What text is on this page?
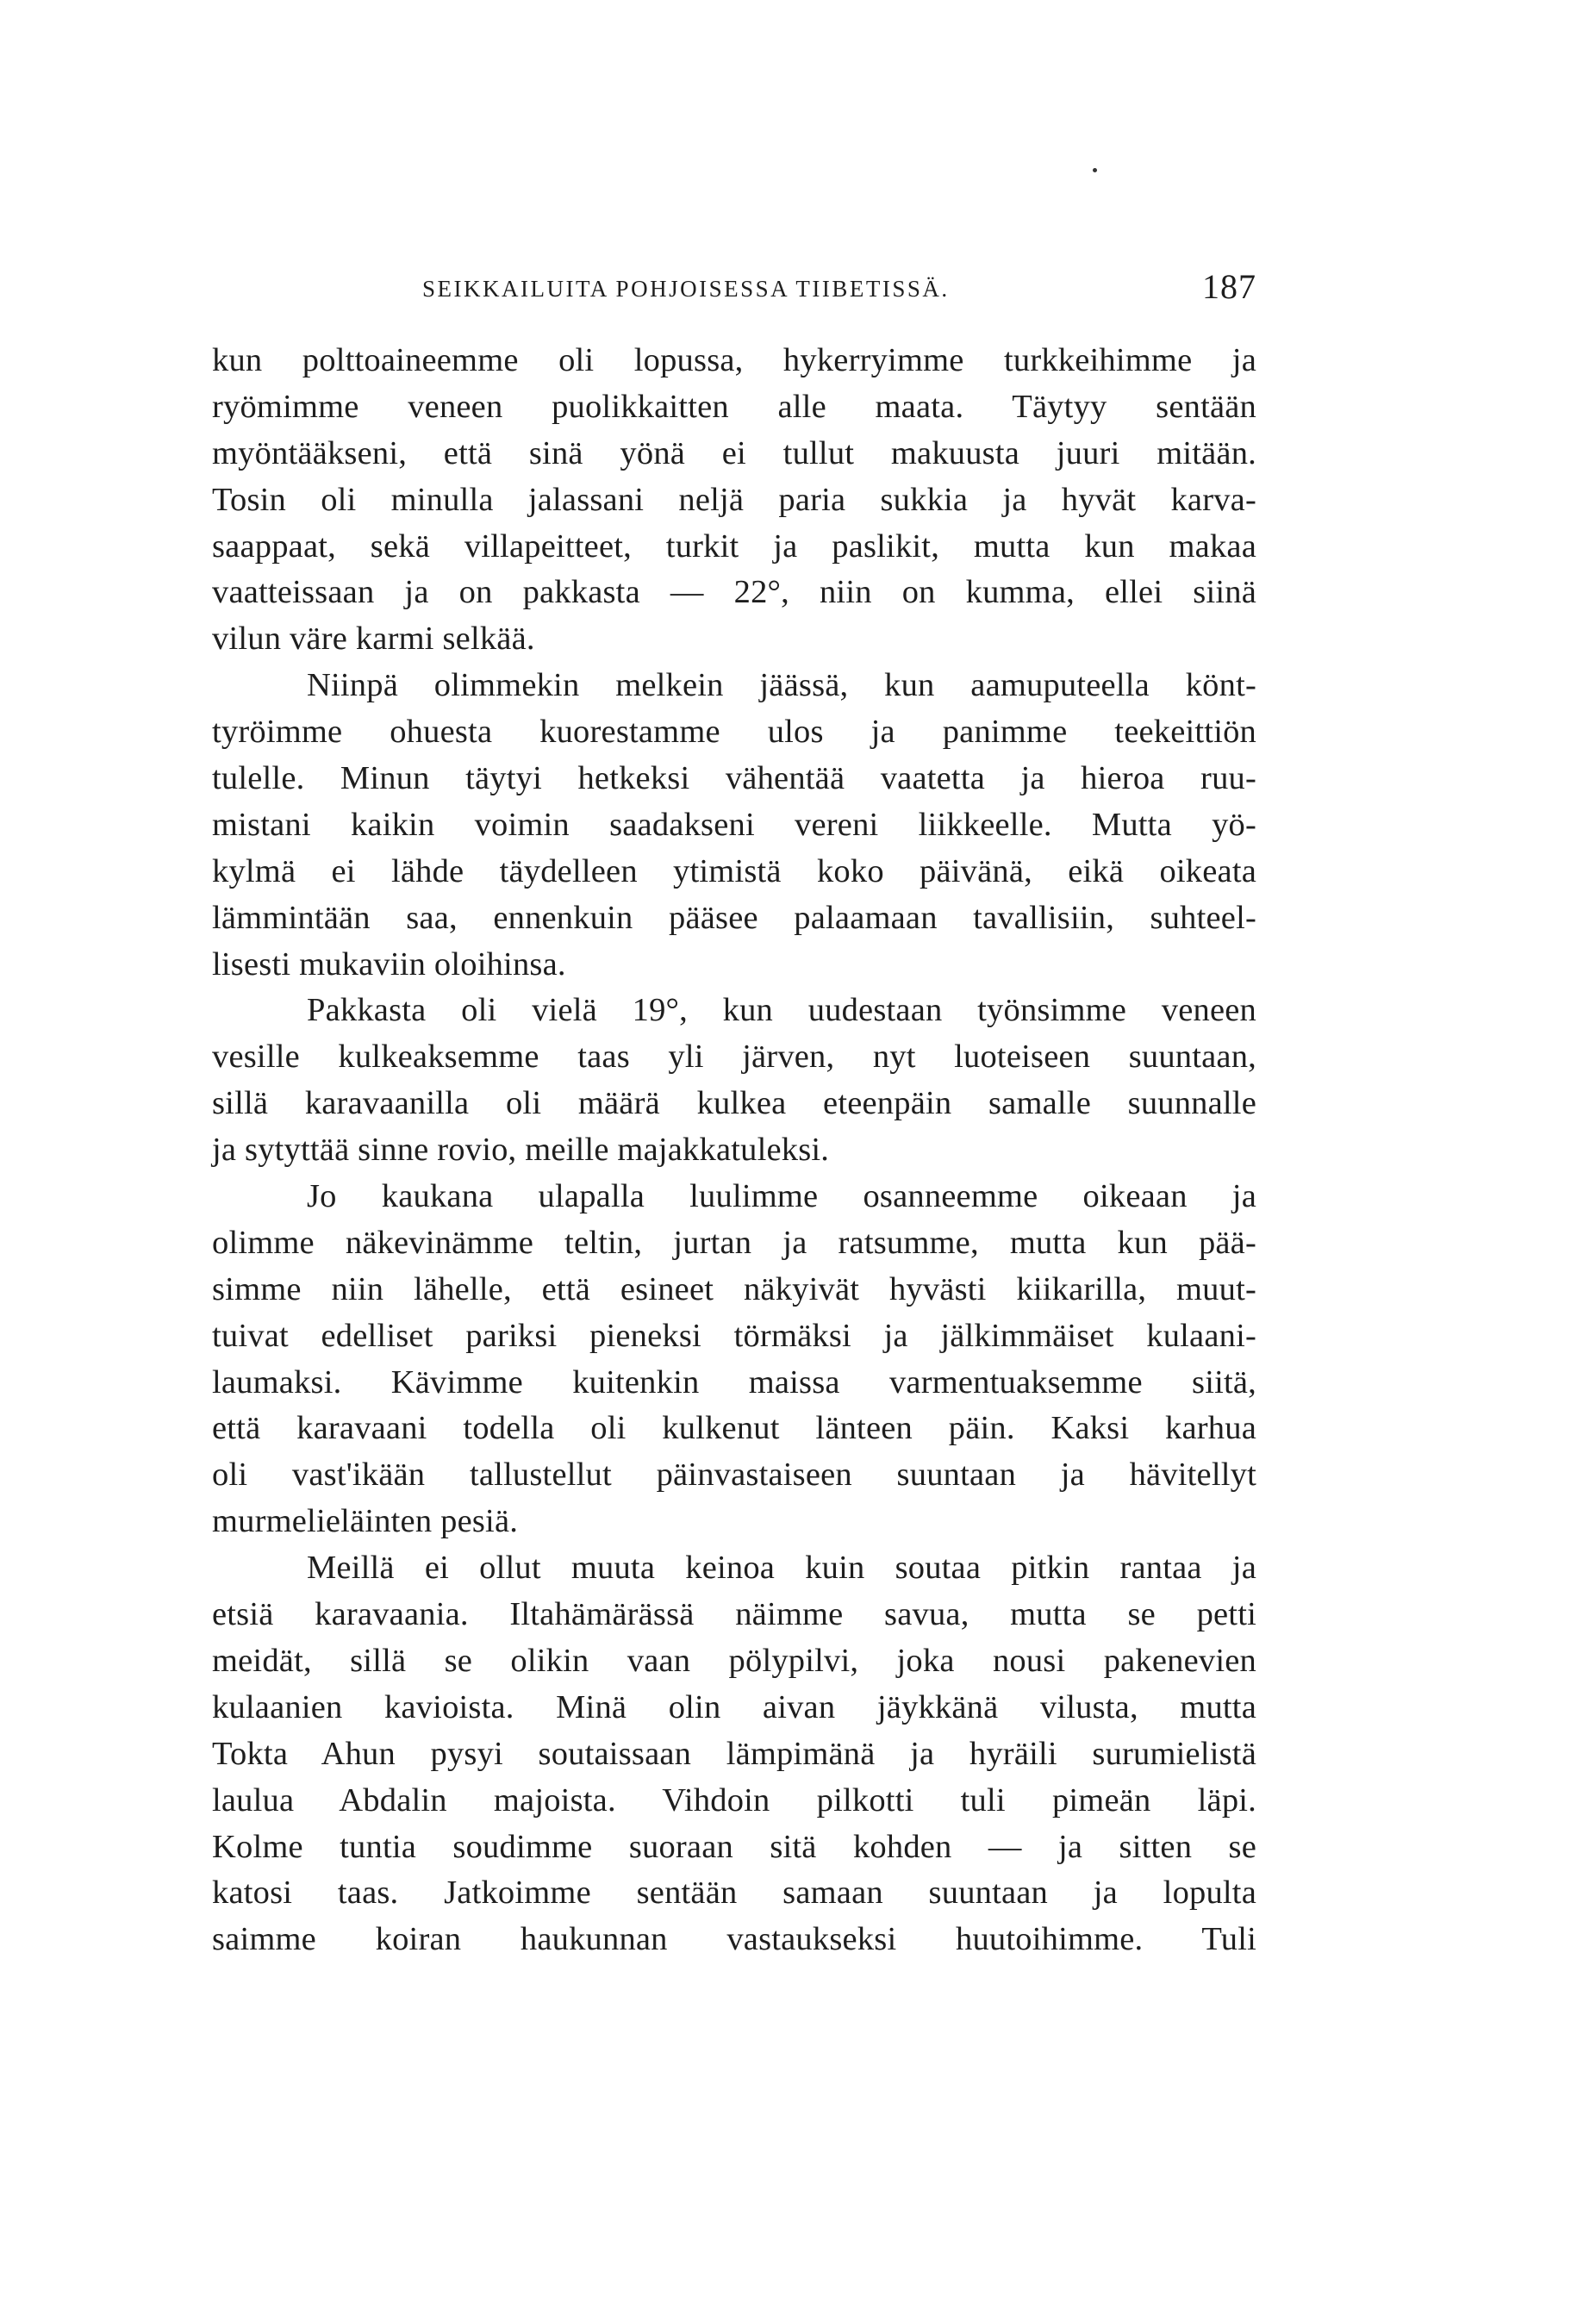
SEIKKAILUITA POHJOISESSA TIIBETISSÄ.	187
kun polttoaineemme oli lopussa, hykerryimme turkkeihimme ja
ryömimme veneen puolikkaitten alle maata. Täytyy sentään
myöntääkseni, että sinä yönä ei tullut makuusta juuri mitään.
Tosin oli minulla jalassani neljä paria sukkia ja hyvät karva-
saappaat, sekä villapeitteet, turkit ja paslikit, mutta kun makaa
vaatteissaan ja on pakkasta — 22°, niin on kumma, ellei siinä
vilun väre karmi selkää.
Niinpä olimmekin melkein jäässä, kun aamuputeella könt-
tyröimme ohuesta kuorestamme ulos ja panimme teekeittiön
tulelle. Minun täytyi hetkeksi vähentää vaatetta ja hieroa ruu-
mistani kaikin voimin saadakseni vereni liikkeelle. Mutta yö-
kylmä ei lähde täydelleen ytimistä koko päivänä, eikä oikeata
lämmintään saa, ennenkuin pääsee palaamaan tavallisiin, suhteel-
lisesti mukaviin oloihinsa.
Pakkasta oli vielä 19°, kun uudestaan työnsimme veneen
vesille kulkeaksemme taas yli järven, nyt luoteiseen suuntaan,
sillä karavaanilla oli määrä kulkea eteenpäin samalle suunnalle
ja sytyttää sinne rovio, meille majakkatuleksi.
Jo kaukana ulapalla luulimme osanneemme oikeaan ja
olimme näkevinämme teltin, jurtan ja ratsumme, mutta kun pää-
simme niin lähelle, että esineet näkyivät hyvästi kiikarilla, muut-
tuivat edelliset pariksi pieneksi törmäksi ja jälkimmäiset kulaani-
laumaksi. Kävimme kuitenkin maissa varmentuaksemme siitä,
että karavaani todella oli kulkenut länteen päin. Kaksi karhua
oli vast'ikään tallustellut päinvastaiseen suuntaan ja hävitellyt
murmelieläinten pesiä.
Meillä ei ollut muuta keinoa kuin soutaa pitkin rantaa ja
etsiä karavaania. Iltahämärässä näimme savua, mutta se petti
meidät, sillä se olikin vaan pölypilvi, joka nousi pakenevien
kulaanien kavioista. Minä olin aivan jäykkänä vilusta, mutta
Tokta Ahun pysyi soutaissaan lämpimänä ja hyräili surumielistä
laulua Abdalin majoista. Vihdoin pilkotti tuli pimeän läpi.
Kolme tuntia soudimme suoraan sitä kohden — ja sitten se
katosi taas. Jatkoimme sentään samaan suuntaan ja lopulta
saimme koiran haukunnan vastaukseksi huutoihimme. Tuli
